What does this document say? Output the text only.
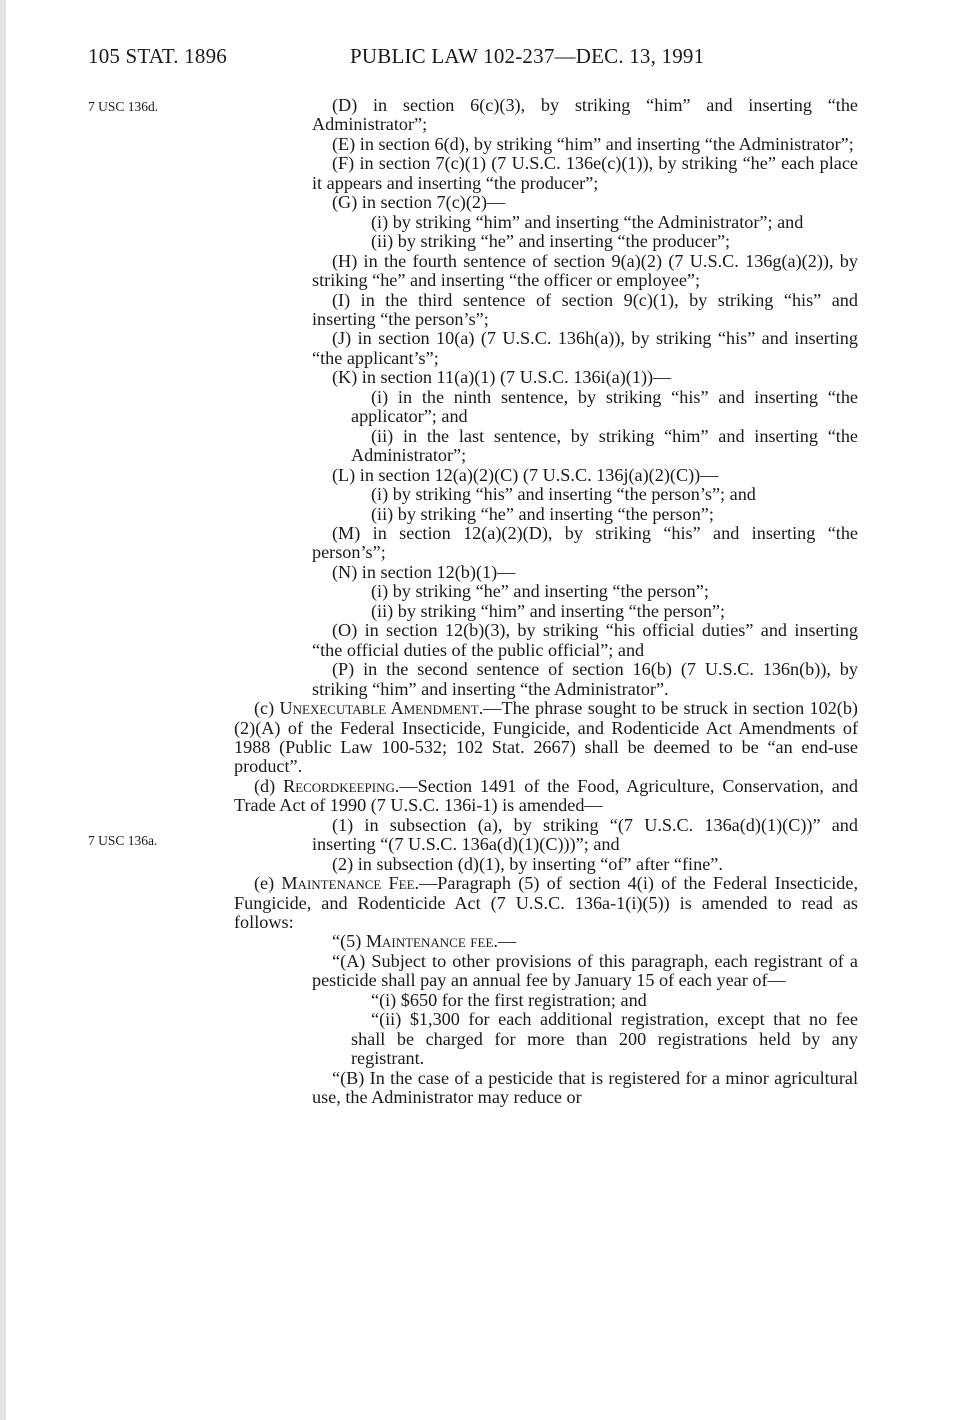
105 STAT. 1896	PUBLIC LAW 102-237—DEC. 13, 1991
7 USC 136d.
7 USC 136a.

(D) in section 6(c)(3), by striking “him” and inserting “the Administrator”;

(E) in section 6(d), by striking “him” and inserting “the Administrator”;

(F) in section 7(c)(1) (7 U.S.C. 136e(c)(1)), by striking “he” each place it appears and inserting “the producer”;

(G) in section 7(c)(2)—

(i) by striking “him” and inserting “the Administrator”; and

(ii) by striking “he” and inserting “the producer”;

(H) in the fourth sentence of section 9(a)(2) (7 U.S.C. 136g(a)(2)), by striking “he” and inserting “the officer or employee”;

(I) in the third sentence of section 9(c)(1), by striking “his” and inserting “the person’s”;

(J) in section 10(a) (7 U.S.C. 136h(a)), by striking “his” and inserting “the applicant’s”;

(K) in section 11(a)(1) (7 U.S.C. 136i(a)(1))—

(i) in the ninth sentence, by striking “his” and inserting “the applicator”; and

(ii) in the last sentence, by striking “him” and inserting “the Administrator”;

(L) in section 12(a)(2)(C) (7 U.S.C. 136j(a)(2)(C))—

(i) by striking “his” and inserting “the person’s”; and

(ii) by striking “he” and inserting “the person”;

(M) in section 12(a)(2)(D), by striking “his” and inserting “the person’s”;

(N) in section 12(b)(1)—

(i) by striking “he” and inserting “the person”;

(ii) by striking “him” and inserting “the person”;

(O) in section 12(b)(3), by striking “his official duties” and inserting “the official duties of the public official”; and

(P) in the second sentence of section 16(b) (7 U.S.C. 136n(b)), by striking “him” and inserting “the Administrator”.

(c) Unexecutable Amendment.—The phrase sought to be struck in section 102(b)(2)(A) of the Federal Insecticide, Fungicide, and Rodenticide Act Amendments of 1988 (Public Law 100-532; 102 Stat. 2667) shall be deemed to be “an end-use product”.

(d) Recordkeeping.—Section 1491 of the Food, Agriculture, Conservation, and Trade Act of 1990 (7 U.S.C. 136i-1) is amended—

(1) in subsection (a), by striking “(7 U.S.C. 136a(d)(1)(C))” and inserting “(7 U.S.C. 136a(d)(1)(C)))”; and

(2) in subsection (d)(1), by inserting “of” after “fine”.

(e) Maintenance Fee.—Paragraph (5) of section 4(i) of the Federal Insecticide, Fungicide, and Rodenticide Act (7 U.S.C. 136a-1(i)(5)) is amended to read as follows:

“(5) Maintenance fee.—

“(A) Subject to other provisions of this paragraph, each registrant of a pesticide shall pay an annual fee by January 15 of each year of—

“(i) $650 for the first registration; and

“(ii) $1,300 for each additional registration, except that no fee shall be charged for more than 200 registrations held by any registrant.

“(B) In the case of a pesticide that is registered for a minor agricultural use, the Administrator may reduce or
